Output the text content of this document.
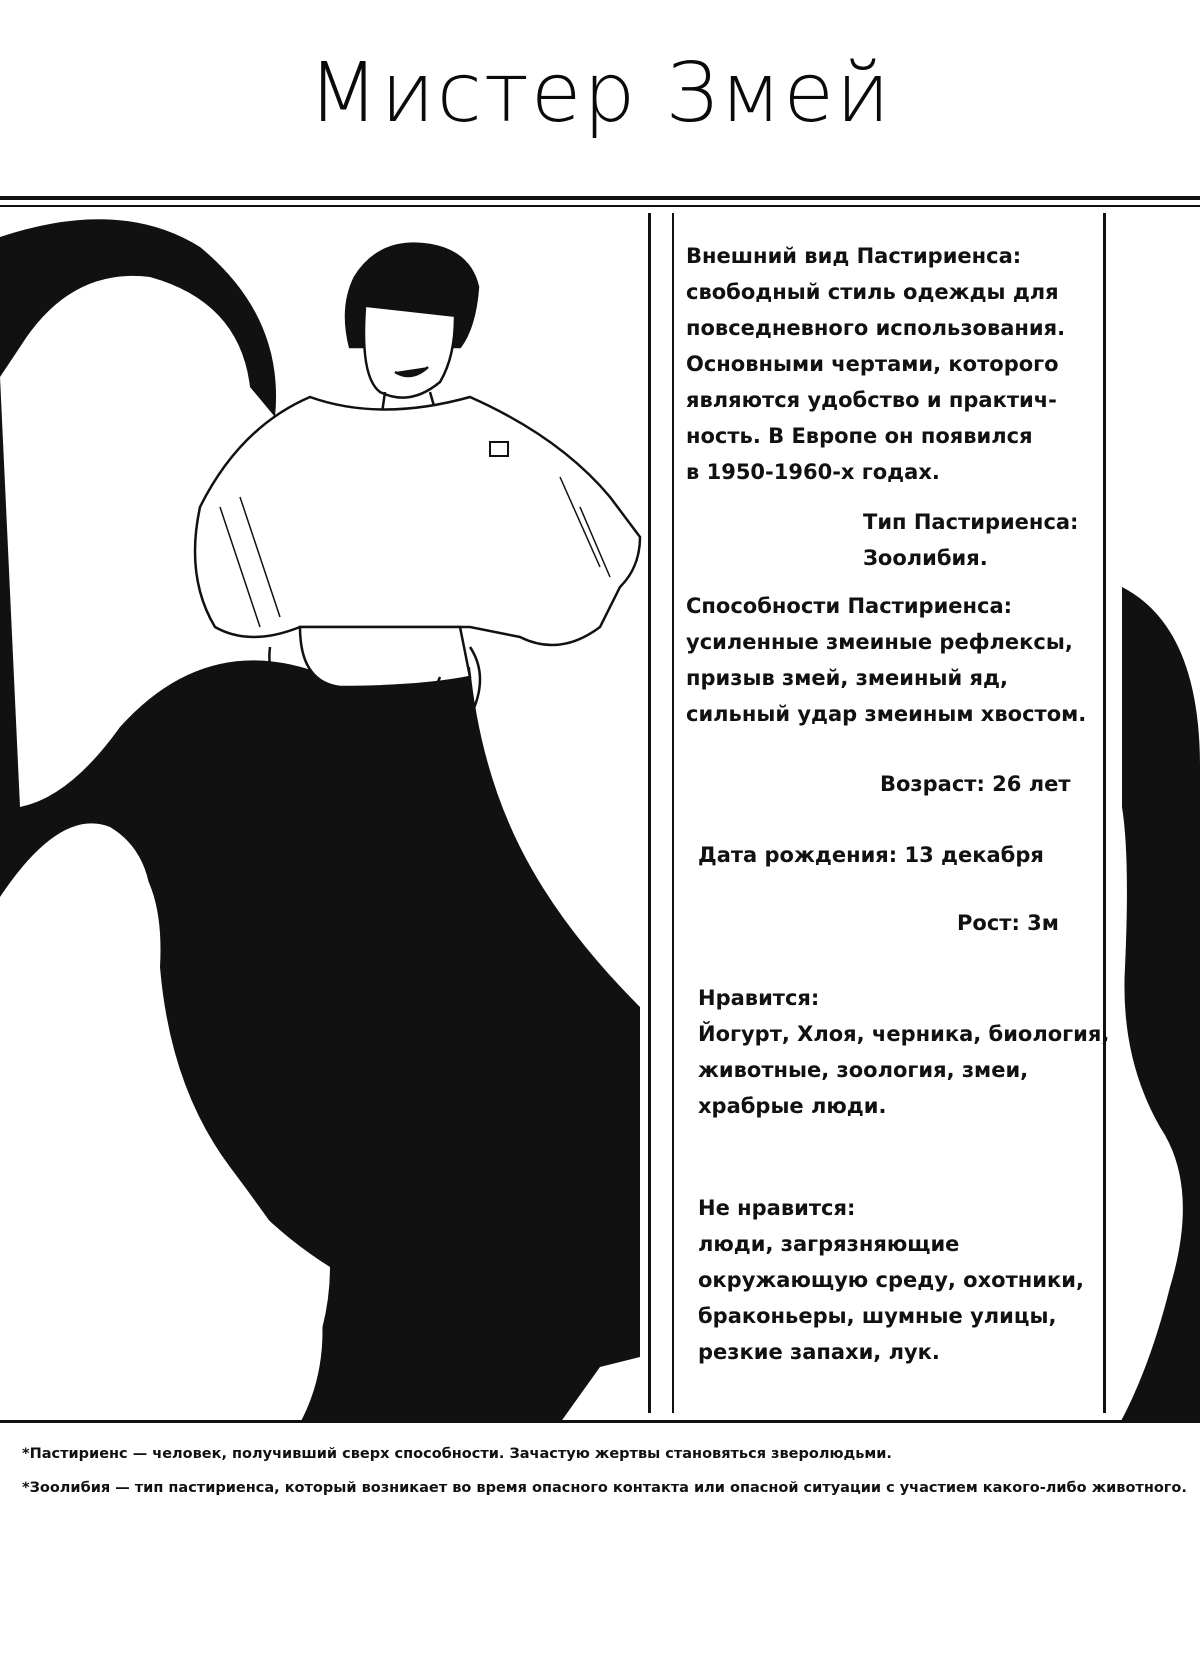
Мистер Змей
Внешний вид Пастириенса:
свободный стиль одежды для
повседневного использования.
Основными чертами, которого
являются удобство и практич-
ность. В Европе он появился
в 1950-1960-х годах.
Тип Пастириенса:
Зоолибия.
Способности Пастириенса:
усиленные змеиные рефлексы,
призыв змей, змеиный яд,
сильный удар змеиным хвостом.
Возраст: 26 лет
Дата рождения: 13 декабря
Рост: 3м
Нравится:
Йогурт, Хлоя, черника, биология,
животные, зоология, змеи,
храбрые люди.
Не нравится:
люди, загрязняющие
окружающую среду, охотники,
браконьеры, шумные улицы,
резкие запахи, лук.
*Пастириенс — человек, получивший сверх способности. Зачастую жертвы становяться зверолюдьми.
*Зоолибия — тип пастириенса, который возникает во время опасного контакта или опасной ситуации с участием какого-либо животного.
